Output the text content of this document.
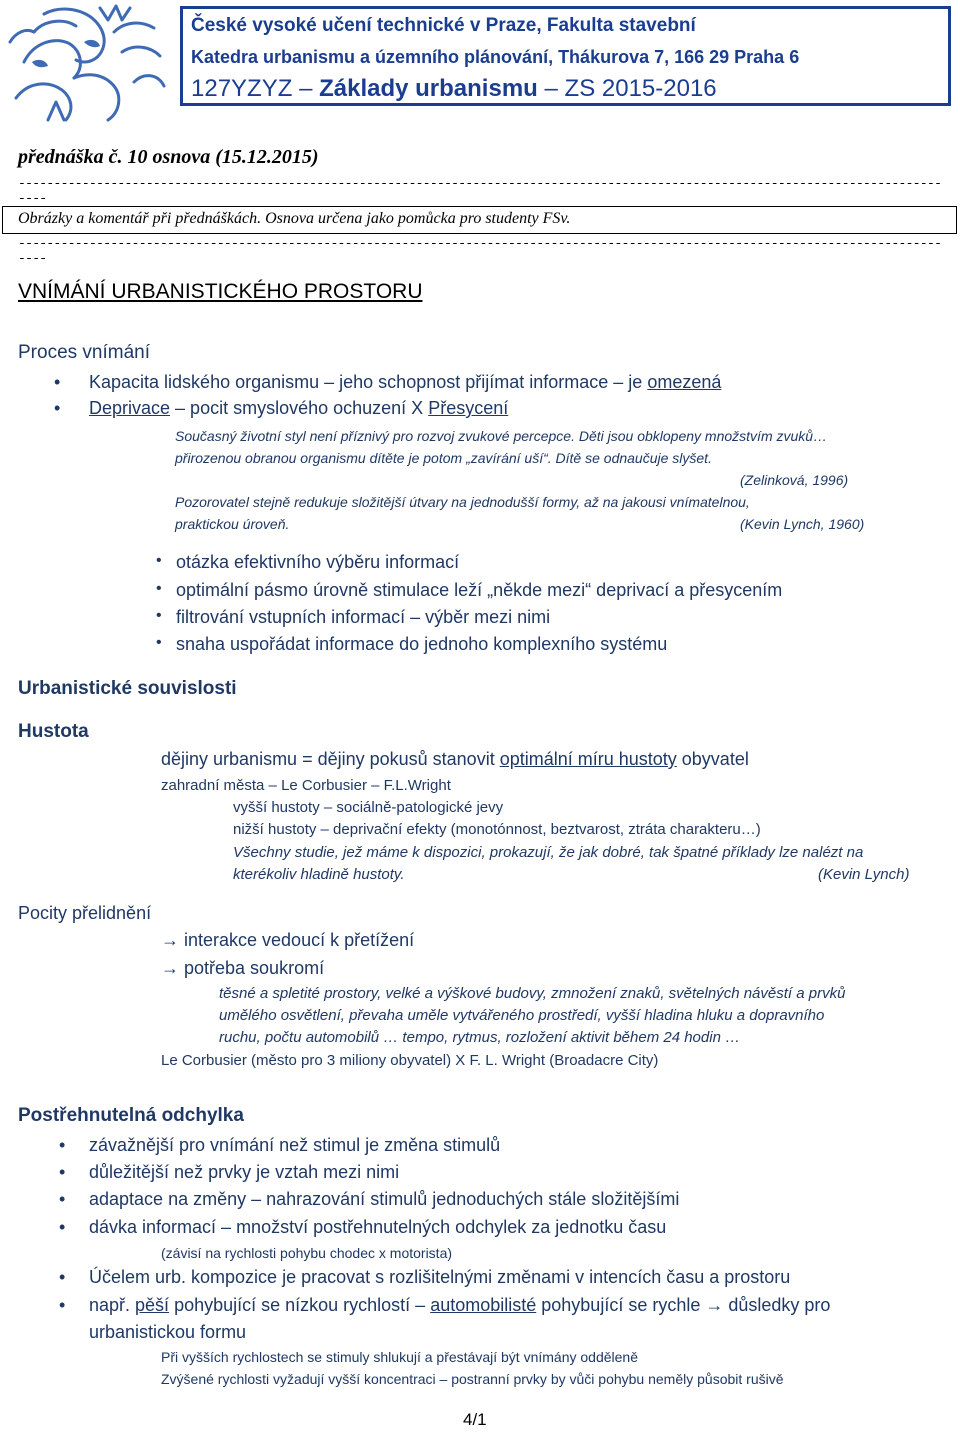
České vysoké učení technické v Praze, Fakulta stavební
Katedra urbanismu a územního plánování, Thákurova 7, 166 29 Praha 6
127YZYZ – Základy urbanismu – ZS 2015-2016
přednáška č. 10 osnova (15.12.2015)
--------------------------------------------------------------------------------------------------------------------------------------
Obrázky a komentář při přednáškách. Osnova určena jako pomůcka pro studenty FSv.
--------------------------------------------------------------------------------------------------------------------------------------
VNÍMÁNÍ URBANISTICKÉHO PROSTORU
Proces vnímání
• Kapacita lidského organismu – jeho schopnost přijímat informace – je omezená
• Deprivace – pocit smyslového ochuzení X Přesycení
Současný životní styl není příznivý pro rozvoj zvukové percepce. Děti jsou obklopeny množstvím zvuků…
přirozenou obranou organismu dítěte je potom „zavírání uší“. Dítě se odnaučuje slyšet.
(Zelinková, 1996)
Pozorovatel stejně redukuje složitější útvary na jednodušší formy, až na jakousi vnímatelnou,
praktickou úroveň.	(Kevin Lynch, 1960)
• otázka efektivního výběru informací
• optimální pásmo úrovně stimulace leží „někde mezi“ deprivací a přesycením
• filtrování vstupních informací – výběr mezi nimi
• snaha uspořádat informace do jednoho komplexního systému
Urbanistické souvislosti
Hustota
dějiny urbanismu = dějiny pokusů stanovit optimální míru hustoty obyvatel
zahradní města – Le Corbusier – F.L.Wright
vyšší hustoty – sociálně-patologické jevy
nižší hustoty – deprivační efekty (monotónnost, beztvarost, ztráta charakteru…)
Všechny studie, jež máme k dispozici, prokazují, že jak dobré, tak špatné příklady lze nalézt na
kterékoliv hladině hustoty.	(Kevin Lynch)
Pocity přelidnění
→ interakce vedoucí k přetížení
→ potřeba soukromí
těsné a spletité prostory, velké a výškové budovy, zmnožení znaků, světelných návěstí a prvků
umělého osvětlení, převaha uměle vytvářeného prostředí, vyšší hladina hluku a dopravního
ruchu, počtu automobilů … tempo, rytmus, rozložení aktivit během 24 hodin …
Le Corbusier (město pro 3 miliony obyvatel) X F. L. Wright (Broadacre City)
Postřehnutelná odchylka
• závažnější pro vnímání než stimul je změna stimulů
• důležitější než prvky je vztah mezi nimi
• adaptace na změny – nahrazování stimulů jednoduchých stále složitějšími
• dávka informací – množství postřehnutelných odchylek za jednotku času
(závisí na rychlosti pohybu chodec x motorista)
• Účelem urb. kompozice je pracovat s rozlišitelnými změnami v intencích času a prostoru
• např. pěší pohybující se nízkou rychlostí – automobilisté pohybující se rychle → důsledky pro
urbanistickou formu
Při vyšších rychlostech se stimuly shlukují a přestávají být vnímány odděleně
Zvýšené rychlosti vyžadují vyšší koncentraci – postranní prvky by vůči pohybu neměly působit rušivě
4/1
